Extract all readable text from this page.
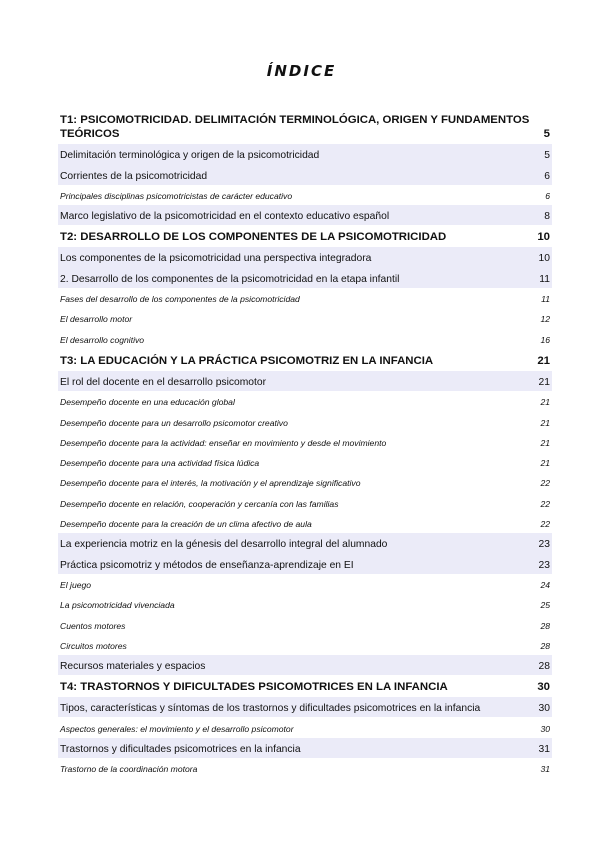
ÍNDICE
T1: PSICOMOTRICIDAD. DELIMITACIÓN TERMINOLÓGICA, ORIGEN Y FUNDAMENTOS TEÓRICOS	5
Delimitación terminológica y origen de la psicomotricidad	5
Corrientes de la psicomotricidad	6
Principales disciplinas psicomotricistas de carácter educativo	6
Marco legislativo de la psicomotricidad en el contexto educativo español	8
T2: DESARROLLO DE LOS COMPONENTES DE LA PSICOMOTRICIDAD	10
Los componentes de la psicomotricidad una perspectiva integradora	10
2. Desarrollo de los componentes de la psicomotricidad en la etapa infantil	11
Fases del desarrollo de los componentes de la psicomotricidad	11
El desarrollo motor	12
El desarrollo cognitivo	16
T3: LA EDUCACIÓN Y LA PRÁCTICA PSICOMOTRIZ EN LA INFANCIA	21
El rol del docente en el desarrollo psicomotor	21
Desempeño docente en una educación global	21
Desempeño docente para un desarrollo psicomotor creativo	21
Desempeño docente para la actividad: enseñar en movimiento y desde el movimiento	21
Desempeño docente para una actividad física lúdica	21
Desempeño docente para el interés, la motivación y el aprendizaje significativo	22
Desempeño docente en relación, cooperación y cercanía con las familias	22
Desempeño docente para la creación de un clima afectivo de aula	22
La experiencia motriz en la génesis del desarrollo integral del alumnado	23
Práctica psicomotriz y métodos de enseñanza-aprendizaje en EI	23
El juego	24
La psicomotricidad vivenciada	25
Cuentos motores	28
Circuitos motores	28
Recursos materiales y espacios	28
T4: TRASTORNOS Y DIFICULTADES PSICOMOTRICES EN LA INFANCIA	30
Tipos, características y síntomas de los trastornos y dificultades psicomotrices en la infancia	30
Aspectos generales: el movimiento y el desarrollo psicomotor	30
Trastornos y dificultades psicomotrices en la infancia	31
Trastorno de la coordinación motora	31
